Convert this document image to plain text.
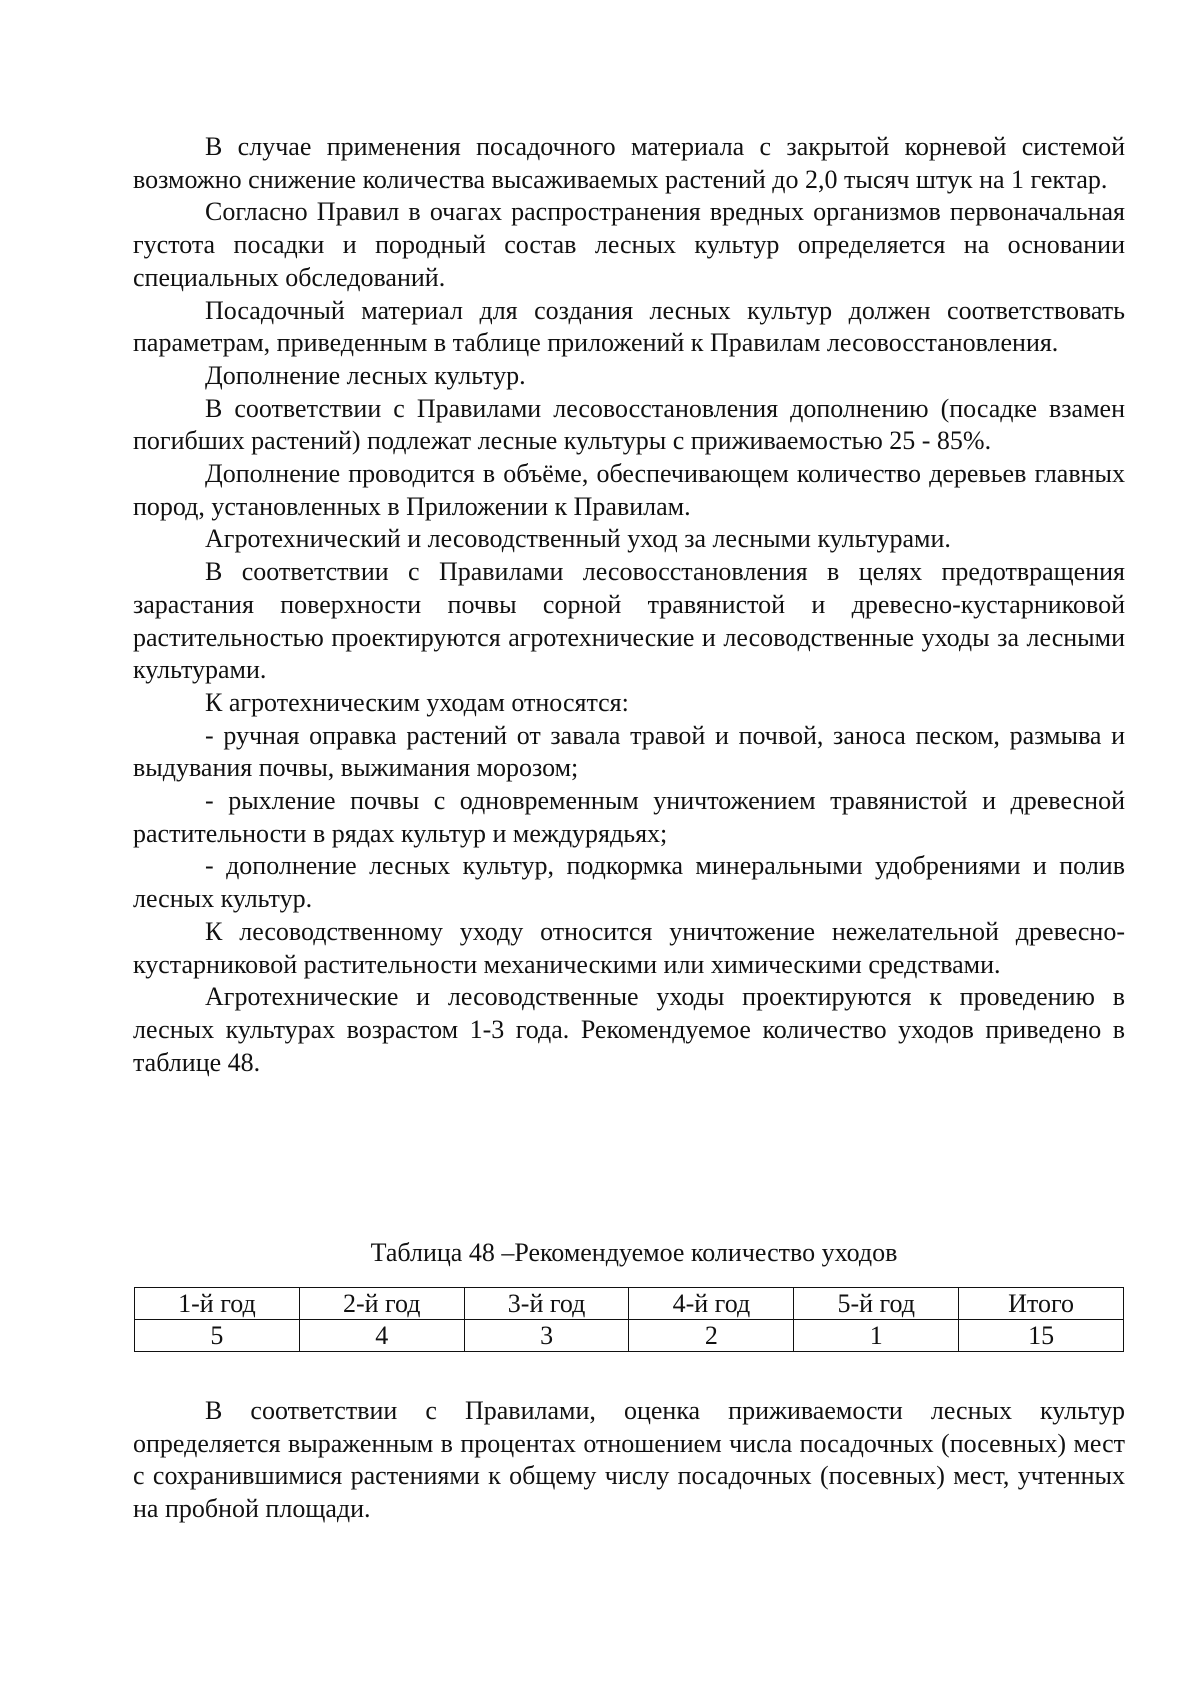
В случае применения посадочного материала с закрытой корневой системой возможно снижение количества высаживаемых растений до 2,0 тысяч штук на 1 гектар.

Согласно Правил в очагах распространения вредных организмов первоначальная густота посадки и породный состав лесных культур определяется на основании специальных обследований.

Посадочный материал для создания лесных культур должен соответствовать параметрам, приведенным в таблице приложений к Правилам лесовосстановления.

Дополнение лесных культур.

В соответствии с Правилами лесовосстановления дополнению (посадке взамен погибших растений) подлежат лесные культуры с приживаемостью 25 - 85%.

Дополнение проводится в объёме, обеспечивающем количество деревьев главных пород, установленных в Приложении к Правилам.

Агротехнический и лесоводственный уход за лесными культурами.

В соответствии с Правилами лесовосстановления в целях предотвращения зарастания поверхности почвы сорной травянистой и древесно-кустарниковой растительностью проектируются агротехнические и лесоводственные уходы за лесными культурами.

К агротехническим уходам относятся:

- ручная оправка растений от завала травой и почвой, заноса песком, размыва и выдувания почвы, выжимания морозом;

- рыхление почвы с одновременным уничтожением травянистой и древесной растительности в рядах культур и междурядьях;

- дополнение лесных культур, подкормка минеральными удобрениями и полив лесных культур.

К лесоводственному уходу относится уничтожение нежелательной древесно-кустарниковой растительности механическими или химическими средствами.

Агротехнические и лесоводственные уходы проектируются к проведению в лесных культурах возрастом 1-3 года. Рекомендуемое количество уходов приведено в таблице 48.

Таблица 48 –Рекомендуемое количество уходов
1-й год	2-й год	3-й год	4-й год	5-й год	Итого
5	4	3	2	1	15

В соответствии с Правилами, оценка приживаемости лесных культур определяется выраженным в процентах отношением числа посадочных (посевных) мест с сохранившимися растениями к общему числу посадочных (посевных) мест, учтенных на пробной площади.
